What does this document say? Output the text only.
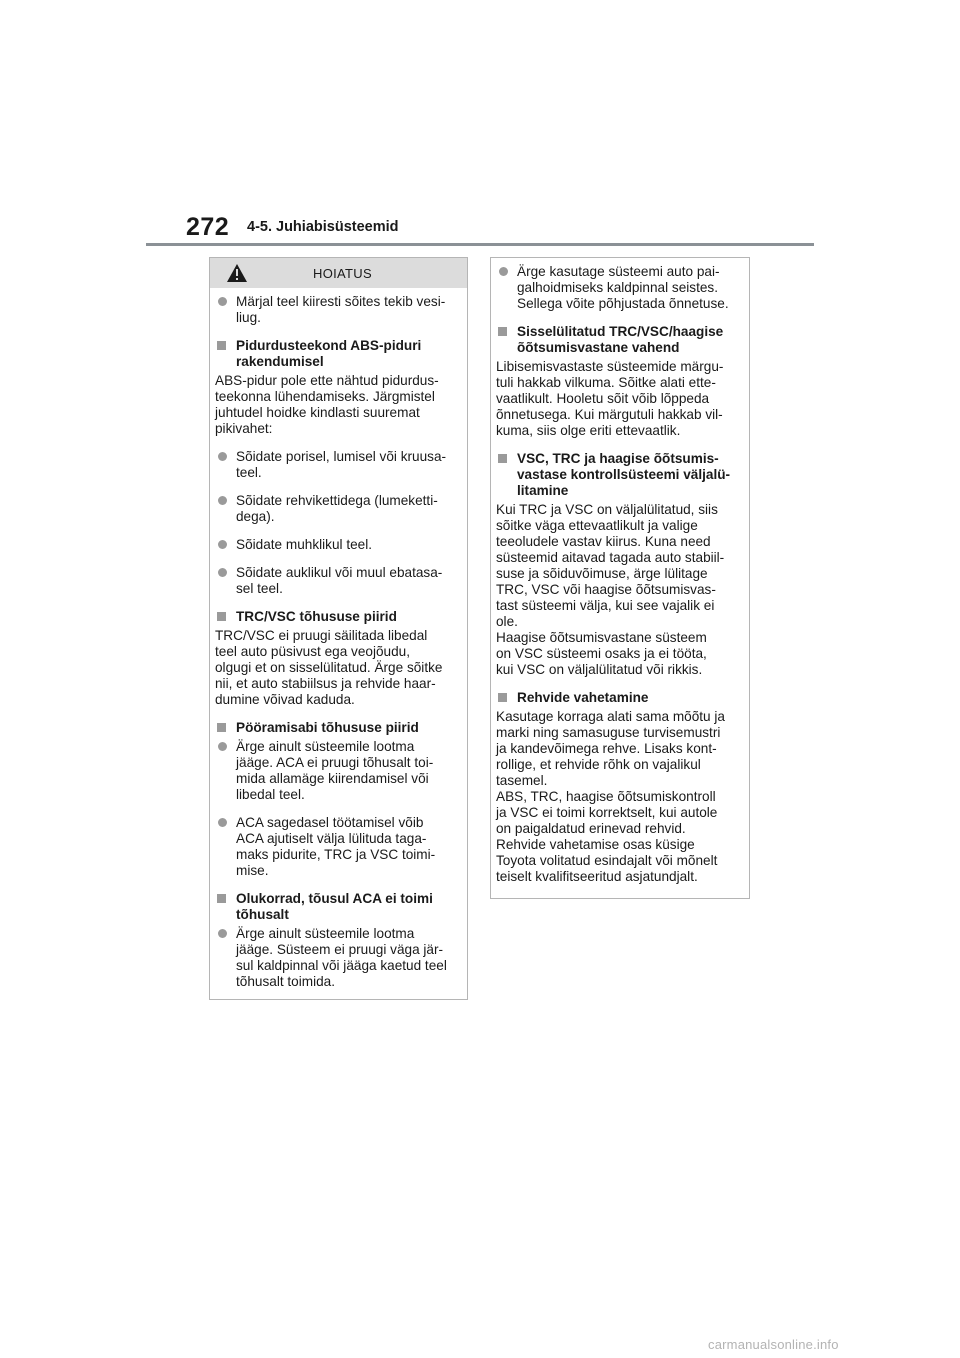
272 4-5. Juhiabisüsteemid
HOIATUS
Märjal teel kiiresti sõites tekib vesi-
liug.
Pidurdusteekond ABS-piduri
rakendumisel
ABS-pidur pole ette nähtud pidurdus-
teekonna lühendamiseks. Järgmistel
juhtudel hoidke kindlasti suuremat
pikivahet:
Sõidate porisel, lumisel või kruusa-
teel.
Sõidate rehvikettidega (lumeketti-
dega).
Sõidate muhklikul teel.
Sõidate auklikul või muul ebatasa-
sel teel.
TRC/VSC tõhususe piirid
TRC/VSC ei pruugi säilitada libedal
teel auto püsivust ega veojõudu,
olgugi et on sisselülitatud. Ärge sõitke
nii, et auto stabiilsus ja rehvide haar-
dumine võivad kaduda.
Pööramisabi tõhususe piirid
Ärge ainult süsteemile lootma
jääge. ACA ei pruugi tõhusalt toi-
mida allamäge kiirendamisel või
libedal teel.
ACA sagedasel töötamisel võib
ACA ajutiselt välja lülituda taga-
maks pidurite, TRC ja VSC toimi-
mise.
Olukorrad, tõusul ACA ei toimi
tõhusalt
Ärge ainult süsteemile lootma
jääge. Süsteem ei pruugi väga jär-
sul kaldpinnal või jääga kaetud teel
tõhusalt toimida.
Ärge kasutage süsteemi auto pai-
galhoidmiseks kaldpinnal seistes.
Sellega võite põhjustada õnnetuse.
Sisselülitatud TRC/VSC/haagise
õõtsumisvastane vahend
Libisemisvastaste süsteemide märgu-
tuli hakkab vilkuma. Sõitke alati ette-
vaatlikult. Hooletu sõit võib lõppeda
õnnetusega. Kui märgutuli hakkab vil-
kuma, siis olge eriti ettevaatlik.
VSC, TRC ja haagise õõtsumis-
vastase kontrollsüsteemi väljalü-
litamine
Kui TRC ja VSC on väljalülitatud, siis
sõitke väga ettevaatlikult ja valige
teeoludele vastav kiirus. Kuna need
süsteemid aitavad tagada auto stabiil-
suse ja sõiduvõimuse, ärge lülitage
TRC, VSC või haagise õõtsumisvas-
tast süsteemi välja, kui see vajalik ei
ole.
Haagise õõtsumisvastane süsteem
on VSC süsteemi osaks ja ei tööta,
kui VSC on väljalülitatud või rikkis.
Rehvide vahetamine
Kasutage korraga alati sama mõõtu ja
marki ning samasuguse turvisemustri
ja kandevõimega rehve. Lisaks kont-
rollige, et rehvide rõhk on vajalikul
tasemel.
ABS, TRC, haagise õõtsumiskontroll
ja VSC ei toimi korrektselt, kui autole
on paigaldatud erinevad rehvid.
Rehvide vahetamise osas küsige
Toyota volitatud esindajalt või mõnelt
teiselt kvalifitseeritud asjatundjalt.
carmanualsonline.info
